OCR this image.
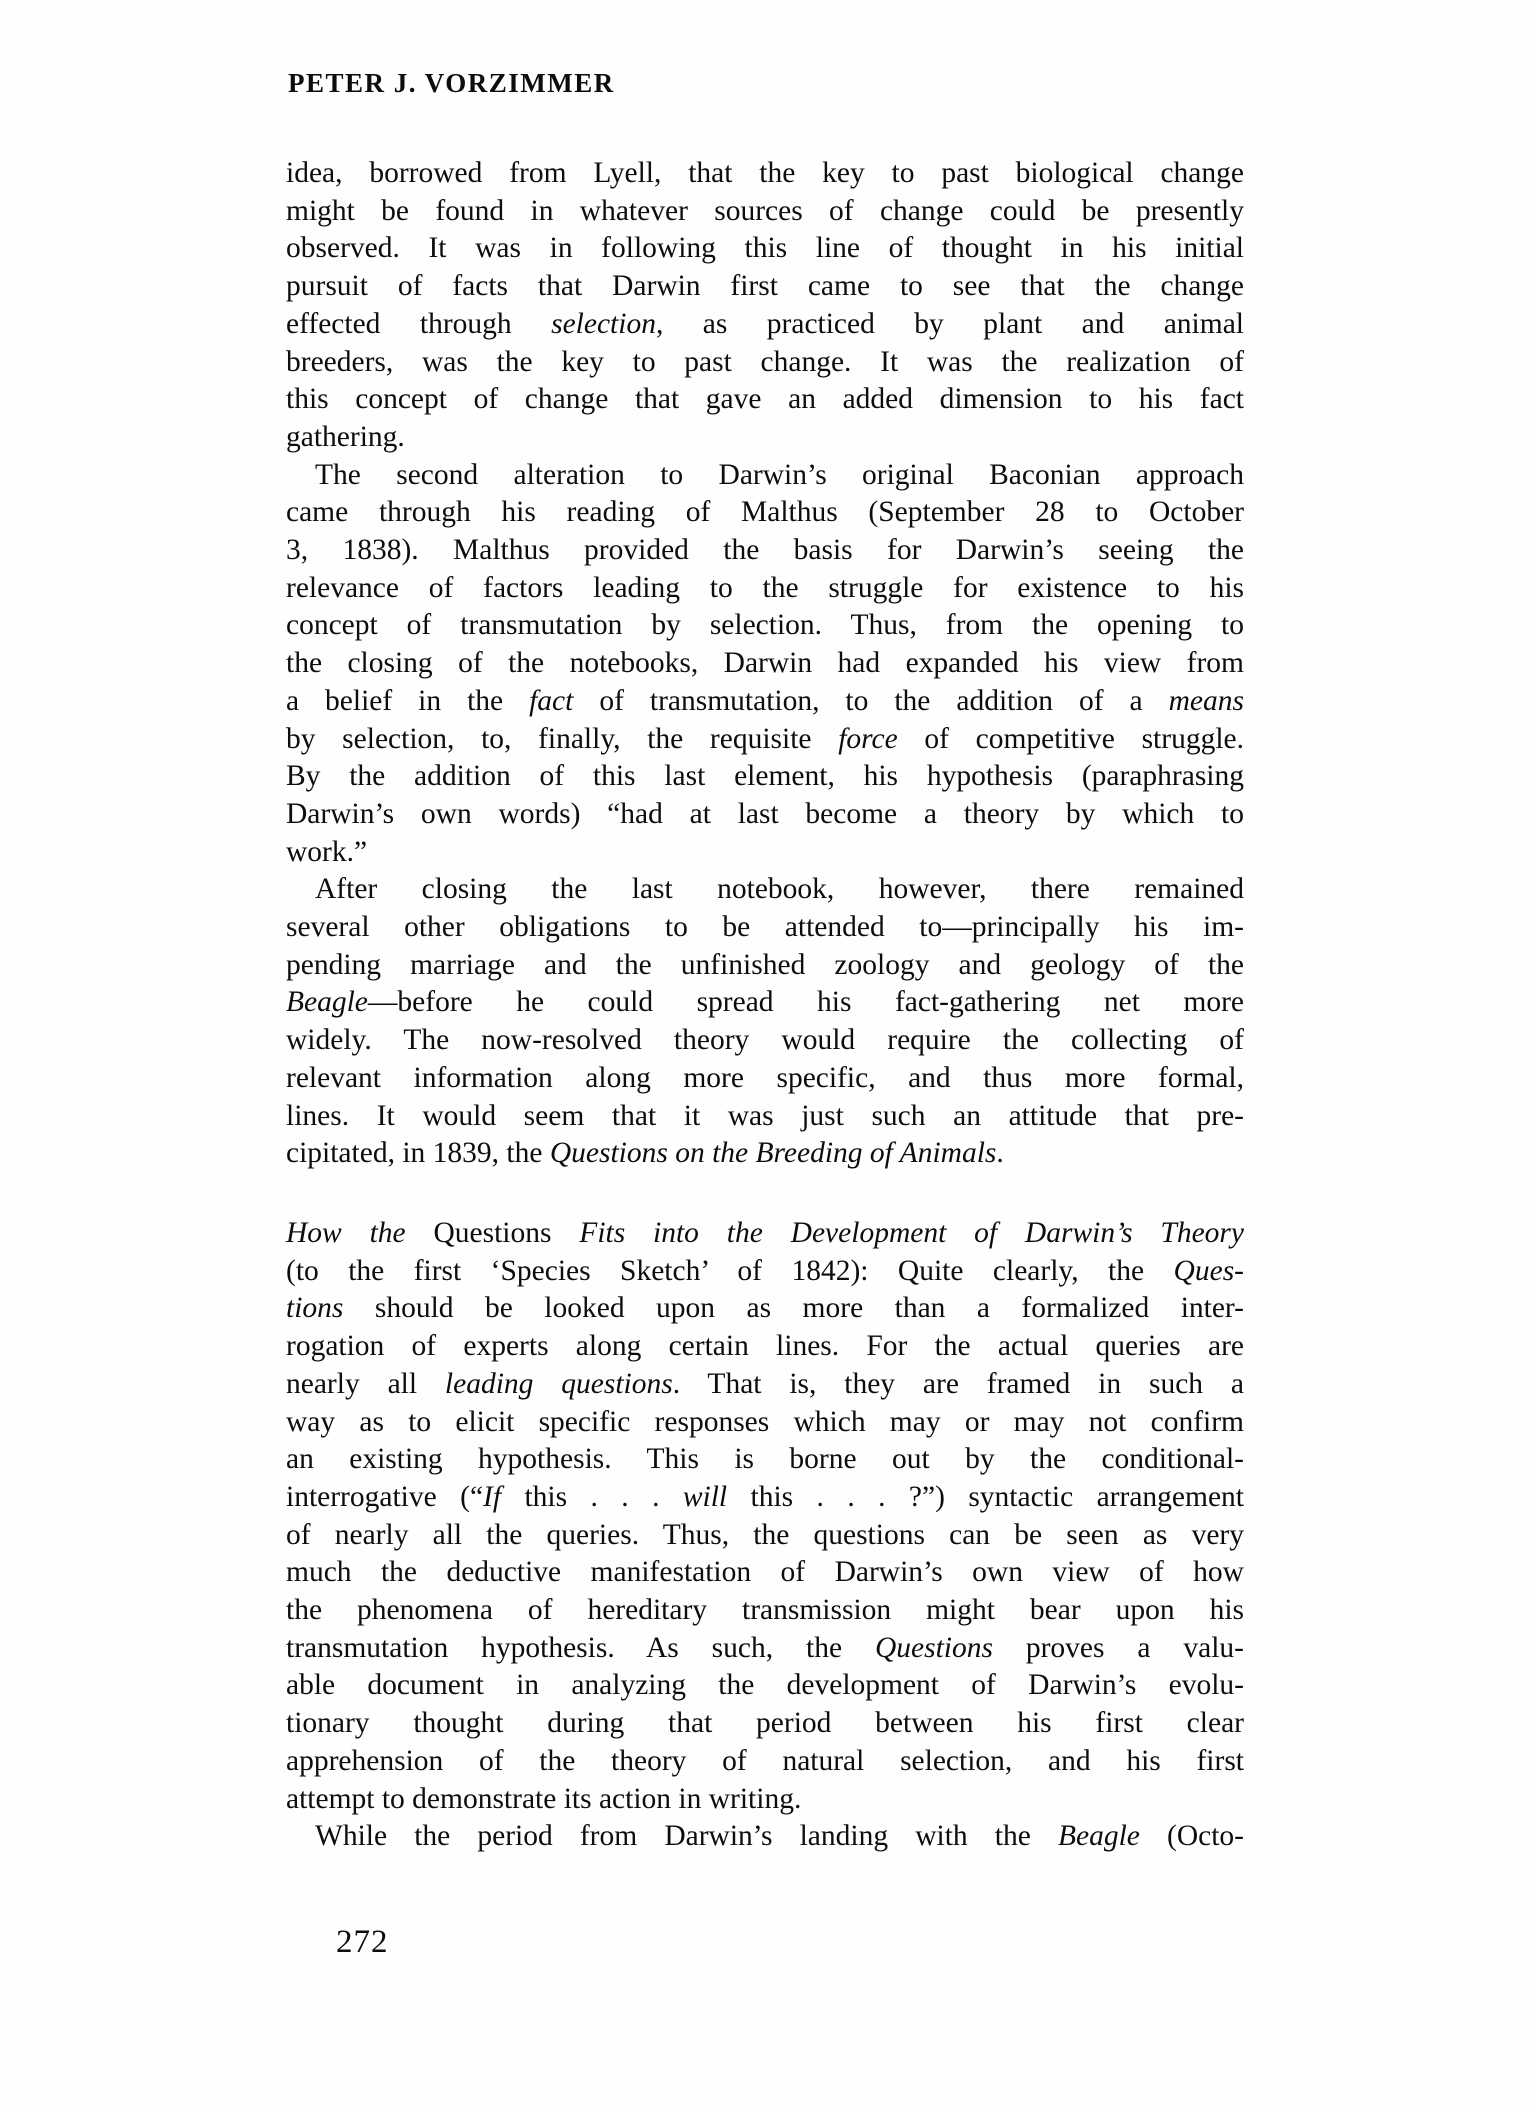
PETER J. VORZIMMER
idea, borrowed from Lyell, that the key to past biological change
might be found in whatever sources of change could be presently
observed. It was in following this line of thought in his initial
pursuit of facts that Darwin first came to see that the change
effected through selection, as practiced by plant and animal
breeders, was the key to past change. It was the realization of
this concept of change that gave an added dimension to his fact
gathering.
The second alteration to Darwin’s original Baconian approach
came through his reading of Malthus (September 28 to October
3, 1838). Malthus provided the basis for Darwin’s seeing the
relevance of factors leading to the struggle for existence to his
concept of transmutation by selection. Thus, from the opening to
the closing of the notebooks, Darwin had expanded his view from
a belief in the fact of transmutation, to the addition of a means
by selection, to, finally, the requisite force of competitive struggle.
By the addition of this last element, his hypothesis (paraphrasing
Darwin’s own words) “had at last become a theory by which to
work.”
After closing the last notebook, however, there remained
several other obligations to be attended to—principally his im-
pending marriage and the unfinished zoology and geology of the
Beagle—before he could spread his fact-gathering net more
widely. The now-resolved theory would require the collecting of
relevant information along more specific, and thus more formal,
lines. It would seem that it was just such an attitude that pre-
cipitated, in 1839, the Questions on the Breeding of Animals.
How the Questions Fits into the Development of Darwin’s Theory
(to the first ‘Species Sketch’ of 1842): Quite clearly, the Ques-
tions should be looked upon as more than a formalized inter-
rogation of experts along certain lines. For the actual queries are
nearly all leading questions. That is, they are framed in such a
way as to elicit specific responses which may or may not confirm
an existing hypothesis. This is borne out by the conditional-
interrogative (“If this . . . will this . . . ?”) syntactic arrangement
of nearly all the queries. Thus, the questions can be seen as very
much the deductive manifestation of Darwin’s own view of how
the phenomena of hereditary transmission might bear upon his
transmutation hypothesis. As such, the Questions proves a valu-
able document in analyzing the development of Darwin’s evolu-
tionary thought during that period between his first clear
apprehension of the theory of natural selection, and his first
attempt to demonstrate its action in writing.
While the period from Darwin’s landing with the Beagle (Octo-
272
